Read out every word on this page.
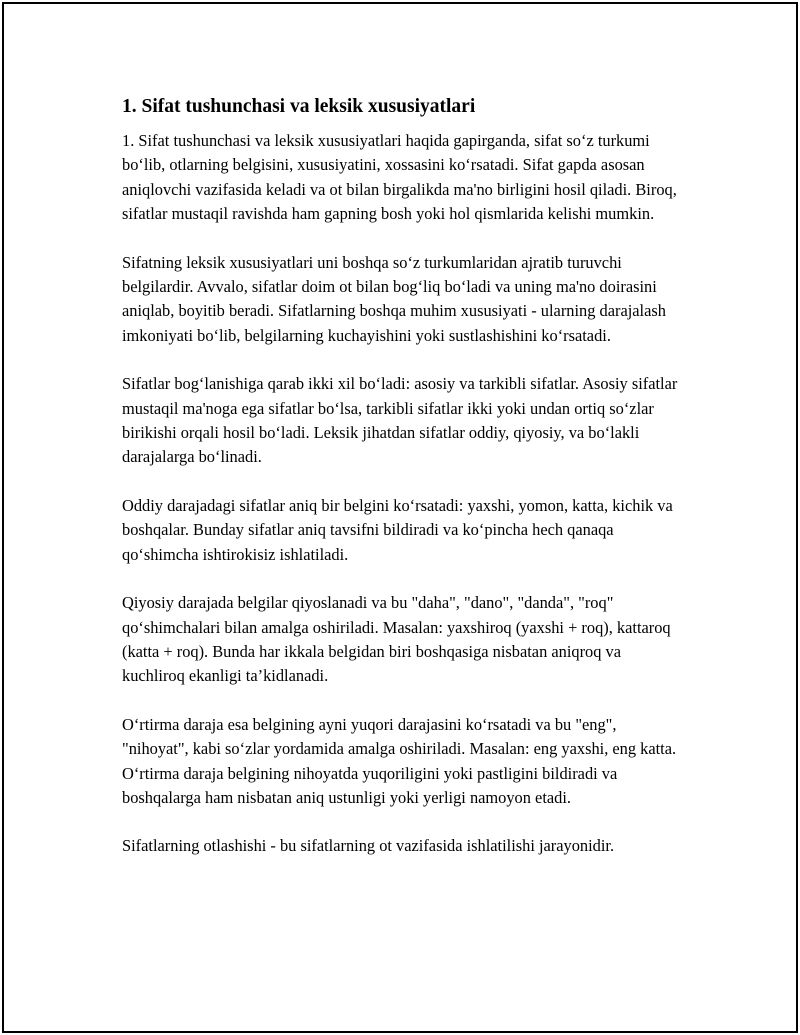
1. Sifat tushunchasi va leksik xususiyatlari

1. Sifat tushunchasi va leksik xususiyatlari haqida gapirganda, sifat so‘z turkumi bo‘lib, otlarning belgisini, xususiyatini, xossasini ko‘rsatadi. Sifat gapda asosan aniqlovchi vazifasida keladi va ot bilan birgalikda ma'no birligini hosil qiladi. Biroq, sifatlar mustaqil ravishda ham gapning bosh yoki hol qismlarida kelishi mumkin.

Sifatning leksik xususiyatlari uni boshqa so‘z turkumlaridan ajratib turuvchi belgilardir. Avvalo, sifatlar doim ot bilan bog‘liq bo‘ladi va uning ma'no doirasini aniqlab, boyitib beradi. Sifatlarning boshqa muhim xususiyati - ularning darajalash imkoniyati bo‘lib, belgilarning kuchayishini yoki sustlashishini ko‘rsatadi.

Sifatlar bog‘lanishiga qarab ikki xil bo‘ladi: asosiy va tarkibli sifatlar. Asosiy sifatlar mustaqil ma'noga ega sifatlar bo‘lsa, tarkibli sifatlar ikki yoki undan ortiq so‘zlar birikishi orqali hosil bo‘ladi. Leksik jihatdan sifatlar oddiy, qiyosiy, va bo‘lakli darajalarga bo‘linadi.

Oddiy darajadagi sifatlar aniq bir belgini ko‘rsatadi: yaxshi, yomon, katta, kichik va boshqalar. Bunday sifatlar aniq tavsifni bildiradi va ko‘pincha hech qanaqa qo‘shimcha ishtirokisiz ishlatiladi.

Qiyosiy darajada belgilar qiyoslanadi va bu "daha", "dano", "danda", "roq" qo‘shimchalari bilan amalga oshiriladi. Masalan: yaxshiroq (yaxshi + roq), kattaroq (katta + roq). Bunda har ikkala belgidan biri boshqasiga nisbatan aniqroq va kuchliroq ekanligi ta’kidlanadi.

O‘rtirma daraja esa belgining ayni yuqori darajasini ko‘rsatadi va bu "eng", "nihoyat", kabi so‘zlar yordamida amalga oshiriladi. Masalan: eng yaxshi, eng katta. O‘rtirma daraja belgining nihoyatda yuqoriligini yoki pastligini bildiradi va boshqalarga ham nisbatan aniq ustunligi yoki yerligi namoyon etadi.

Sifatlarning otlashishi - bu sifatlarning ot vazifasida ishlatilishi jarayonidir.
